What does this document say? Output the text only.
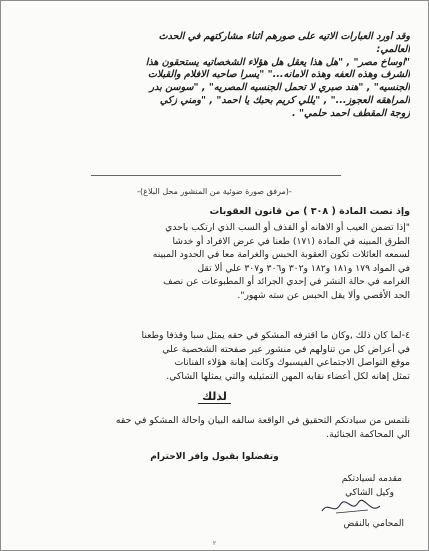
وقد أورد العبارات الاتيه على صورهم أثناء مشاركتهم في الحدث
العالمي:
"اوساخ مصر" , "هل هذا يعقل هل هؤلاء الشخصاتيه يستحقون هذا
الشرف وهذه العفه وهذه الامانه..." "يسرا صاحبه الافلام والقبلات
الجنسيه" , "هند صبري لا تحمل الجنسيه المصريه" , "سوسن بدر
المراهقه العجوز..." , "يللي كريم بحبك يا احمد" , "ومني زكي
زوجة المقطف احمد حلمي" .
-(مرفق صورة ضوئية من المنشور محل البلاغ)-
وإذ نصت المادة ( ٣٠٨ ) من قانون العقوبات
"إذا تضمن العيب أو الاهانه أو القذف أو السب الذي ارتكب باحدي
الطرق المبينه في المادة (١٧١) طعنا في عرض الافراد أو خدشا
لسمعه العائلات تكون العقوبة الحبس والغرامة معا في الحدود المبينه
في المواد ١٧٩ و١٨١ و١٨٢ و٣٠٢ و٣٠٦ و٣٠٧ علي ألا تقل
الغرامه في حالة النشر في إحدي الجرائد أو المطبوعات عن نصف
الحد الأقصي وألا يقل الحبس عن سته شهور".
٤-لما كان ذلك ,وكان ما اقترفه المشكو في حقه يمثل سبا وقذفا وطعنا
في أعراض كل من تناولهم في منشور عبر صفحته الشخصية علي
موقع التواصل الاجتماعي الفيسبوك وكانت إهانة هؤلاء الفنانات
تمثل إهانه لكل أعضاء نقابه المهن التمثيليه والتي يمثلها الشاكي.
لذلك
نلتمس من سيادتكم التحقيق في الواقعة سالفه البيان واحالة المشكو في حقه
الي المحاكمة الجنائية.
وتفضلوا بقبول وافر الاحترام
مقدمه لسيادتكم
وكيل الشاكي
المحامي بالنقض
٢
